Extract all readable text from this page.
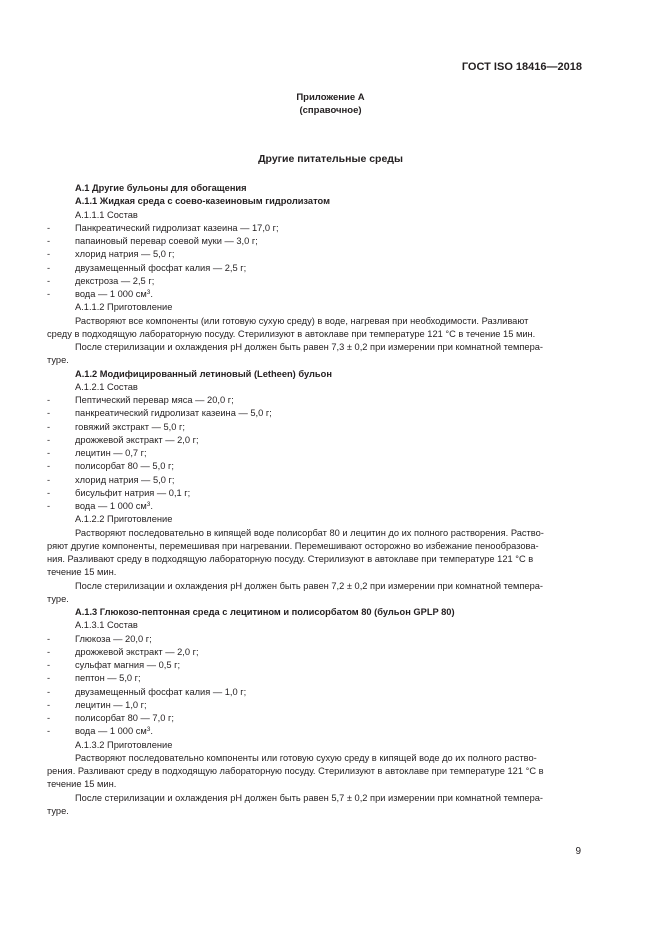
ГОСТ ISO 18416—2018
Приложение А
(справочное)
Другие питательные среды

А.1 Другие бульоны для обогащения

А.1.1 Жидкая среда с соево-казеиновым гидролизатом

А.1.1.1 Состав

-	Панкреатический гидролизат казеина — 17,0 г;

-	папаиновый перевар соевой муки — 3,0 г;

-	хлорид натрия — 5,0 г;

-	двузамещенный фосфат калия — 2,5 г;

-	декстроза — 2,5 г;

-	вода — 1 000 $см^3$.

А.1.1.2 Приготовление

Растворяют все компоненты (или готовую сухую среду) в воде, нагревая при необходимости. Разливают

среду в подходящую лабораторную посуду. Стерилизуют в автоклаве при температуре 121 °С в течение 15 мин.

После стерилизации и охлаждения рН должен быть равен 7,3 ± 0,2 при измерении при комнатной темпера-

туре.

А.1.2 Модифицированный летиновый (Letheen) бульон

А.1.2.1 Состав

-	Пептический перевар мяса — 20,0 г;

-	панкреатический гидролизат казеина — 5,0 г;

-	говяжий экстракт — 5,0 г;

-	дрожжевой экстракт — 2,0 г;

-	лецитин — 0,7 г;

-	полисорбат 80 — 5,0 г;

-	хлорид натрия — 5,0 г;

-	бисульфит натрия — 0,1 г;

-	вода — 1 000 $см^3$.

А.1.2.2 Приготовление

Растворяют последовательно в кипящей воде полисорбат 80 и лецитин до их полного растворения. Раство-

ряют другие компоненты, перемешивая при нагревании. Перемешивают осторожно во избежание пенообразова-

ния. Разливают среду в подходящую лабораторную посуду. Стерилизуют в автоклаве при температуре 121 °С в

течение 15 мин.

После стерилизации и охлаждения рН должен быть равен 7,2 ± 0,2 при измерении при комнатной темпера-

туре.

А.1.3 Глюкозо-пептонная среда с лецитином и полисорбатом 80 (бульон GPLP 80)

А.1.3.1 Состав

-	Глюкоза — 20,0 г;

-	дрожжевой экстракт — 2,0 г;

-	сульфат магния — 0,5 г;

-	пептон — 5,0 г;

-	двузамещенный фосфат калия — 1,0 г;

-	лецитин — 1,0 г;

-	полисорбат 80 — 7,0 г;

-	вода — 1 000 $см^3$.

А.1.3.2 Приготовление

Растворяют последовательно компоненты или готовую сухую среду в кипящей воде до их полного раство-

рения. Разливают среду в подходящую лабораторную посуду. Стерилизуют в автоклаве при температуре 121 °С в

течение 15 мин.

После стерилизации и охлаждения рН должен быть равен 5,7 ± 0,2 при измерении при комнатной темпера-

туре.

9
